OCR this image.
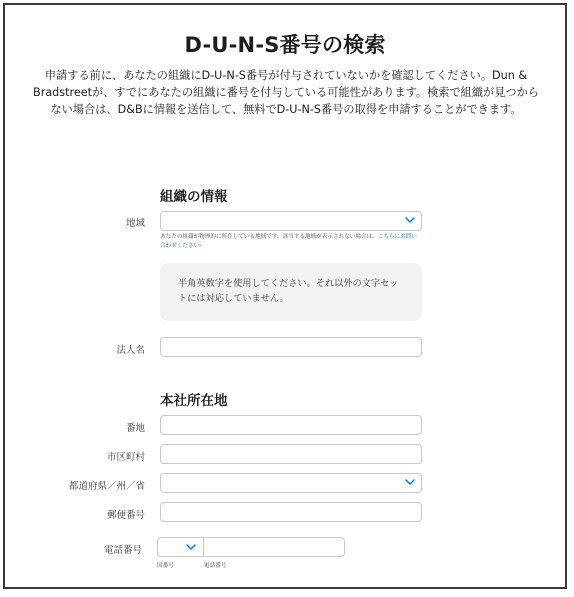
D-U-N-S番号の検索
申請する前に、あなたの組織にD-U-N-S番号が付与されていないかを確認してください。Dun & Bradstreetが、すでにあなたの組織に番号を付与している可能性があります。検索で組織が見つからない場合は、D&Bに情報を送信して、無料でD-U-N-S番号の取得を申請することができます。
組織の情報
地域
あなたの組織が物理的に所在している地域です。該当する地域が表示されない場合は、こちらにお問い合わせください›
半角英数字を使用してください。それ以外の文字セットには対応していません。
法人名
本社所在地
番地
市区町村
都道府県／州／省
郵便番号
電話番号
国番号	電話番号
